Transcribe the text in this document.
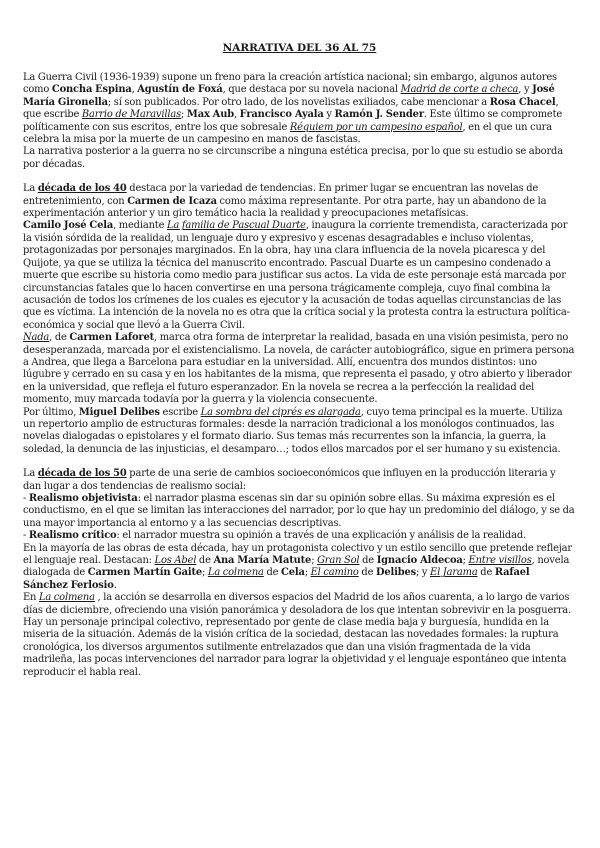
NARRATIVA DEL 36 AL 75

La Guerra Civil (1936-1939) supone un freno para la creación artística nacional; sin embargo, algunos autores como Concha Espina, Agustín de Foxá, que destaca por su novela nacional Madrid de corte a checa, y José María Gironella; sí son publicados. Por otro lado, de los novelistas exiliados, cabe mencionar a Rosa Chacel, que escribe Barrio de Maravillas; Max Aub, Francisco Ayala y Ramón J. Sender. Este último se compromete políticamente con sus escritos, entre los que sobresale Réquiem por un campesino español, en el que un cura celebra la misa por la muerte de un campesino en manos de fascistas.

La narrativa posterior a la guerra no se circunscribe a ninguna estética precisa, por lo que su estudio se aborda por décadas.

La década de los 40 destaca por la variedad de tendencias. En primer lugar se encuentran las novelas de entretenimiento, con Carmen de Icaza como máxima representante. Por otra parte, hay un abandono de la experimentación anterior y un giro temático hacia la realidad y preocupaciones metafísicas.

Camilo José Cela, mediante La familia de Pascual Duarte, inaugura la corriente tremendista, caracterizada por la visión sórdida de la realidad, un lenguaje duro y expresivo y escenas desagradables e incluso violentas, protagonizadas por personajes marginados. En la obra, hay una clara influencia de la novela picaresca y del Quijote, ya que se utiliza la técnica del manuscrito encontrado. Pascual Duarte es un campesino condenado a muerte que escribe su historia como medio para justificar sus actos. La vida de este personaje está marcada por circunstancias fatales que lo hacen convertirse en una persona trágicamente compleja, cuyo final combina la acusación de todos los crímenes de los cuales es ejecutor y la acusación de todas aquellas circunstancias de las que es víctima. La intención de la novela no es otra que la crítica social y la protesta contra la estructura política-económica y social que llevó a la Guerra Civil.

Nada, de Carmen Laforet, marca otra forma de interpretar la realidad, basada en una visión pesimista, pero no desesperanzada, marcada por el existencialismo. La novela, de carácter autobiográfico, sigue en primera persona a Andrea, que llega a Barcelona para estudiar en la universidad. Allí, encuentra dos mundos distintos: uno lúgubre y cerrado en su casa y en los habitantes de la misma, que representa el pasado, y otro abierto y liberador en la universidad, que refleja el futuro esperanzador. En la novela se recrea a la perfección la realidad del momento, muy marcada todavía por la guerra y la violencia consecuente.

Por último, Miguel Delibes escribe La sombra del ciprés es alargada, cuyo tema principal es la muerte. Utiliza un repertorio amplio de estructuras formales: desde la narración tradicional a los monólogos continuados, las novelas dialogadas o epistolares y el formato diario. Sus temas más recurrentes son la infancia, la guerra, la soledad, la denuncia de las injusticias, el desamparo…; todos ellos marcados por el ser humano y su existencia.

La década de los 50 parte de una serie de cambios socioeconómicos que influyen en la producción literaria y dan lugar a dos tendencias de realismo social:

- Realismo objetivista: el narrador plasma escenas sin dar su opinión sobre ellas. Su máxima expresión es el conductismo, en el que se limitan las interacciones del narrador, por lo que hay un predominio del diálogo, y se da una mayor importancia al entorno y a las secuencias descriptivas.

- Realismo crítico: el narrador muestra su opinión a través de una explicación y análisis de la realidad.

En la mayoría de las obras de esta década, hay un protagonista colectivo y un estilo sencillo que pretende reflejar el lenguaje real. Destacan: Los Abel de Ana María Matute; Gran Sol de Ignacio Aldecoa; Entre visillos, novela dialogada de Carmen Martín Gaite; La colmena de Cela; El camino de Delibes; y El Jarama de Rafael Sánchez Ferlosio.

En La colmena , la acción se desarrolla en diversos espacios del Madrid de los años cuarenta, a lo largo de varios días de diciembre, ofreciendo una visión panorámica y desoladora de los que intentan sobrevivir en la posguerra. Hay un personaje principal colectivo, representado por gente de clase media baja y burguesía, hundida en la miseria de la situación. Además de la visión crítica de la sociedad, destacan las novedades formales: la ruptura cronológica, los diversos argumentos sutilmente entrelazados que dan una visión fragmentada de la vida madrileña, las pocas intervenciones del narrador para lograr la objetividad y el lenguaje espontáneo que intenta reproducir el habla real.
